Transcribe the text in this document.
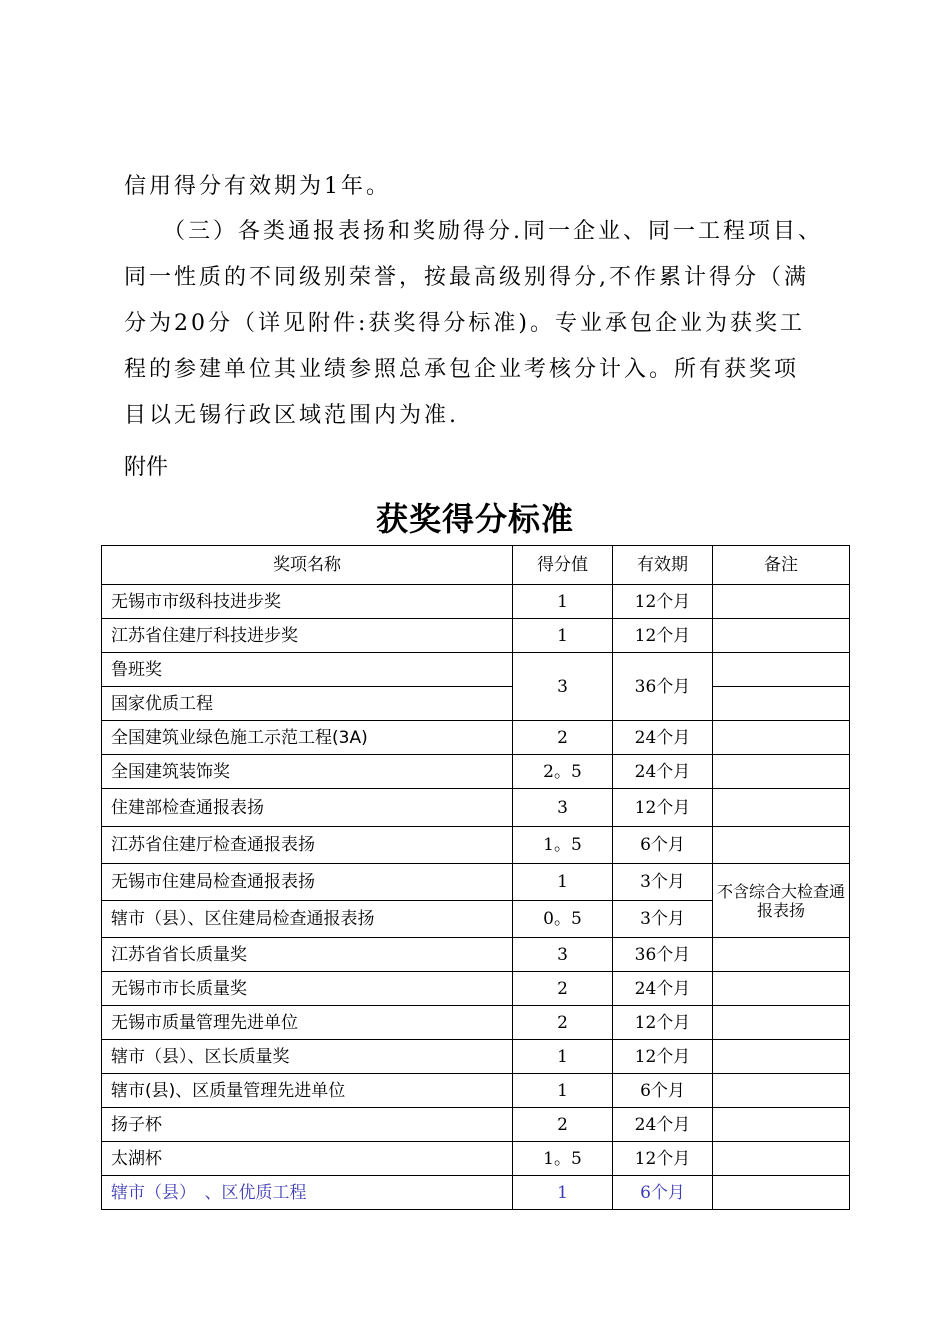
信用得分有效期为1年。
　　（三）各类通报表扬和奖励得分.同一企业、同一工程项目、
同一性质的不同级别荣誉，按最高级别得分,不作累计得分（满
分为20分（详见附件:获奖得分标准)。专业承包企业为获奖工
程的参建单位其业绩参照总承包企业考核分计入。所有获奖项
目以无锡行政区域范围内为准.
附件
获奖得分标准
奖项名称	得分值	有效期	备注
无锡市市级科技进步奖	1	12个月	
江苏省住建厅科技进步奖	1	12个月	
鲁班奖	3	36个月	
国家优质工程			
全国建筑业绿色施工示范工程(3A)	2	24个月	
全国建筑装饰奖	2。5	24个月	
住建部检查通报表扬	3	12个月	
江苏省住建厅检查通报表扬	1。5	6个月	
无锡市住建局检查通报表扬	1	3个月	不含综合大检查通报表扬
辖市（县）、区住建局检查通报表扬	0。5	3个月	
江苏省省长质量奖	3	36个月	
无锡市市长质量奖	2	24个月	
无锡市质量管理先进单位	2	12个月	
辖市（县）、区长质量奖	1	12个月	
辖市(县)、区质量管理先进单位	1	6个月	
扬子杯	2	24个月	
太湖杯	1。5	12个月	
辖市（县）　、区优质工程	1	6个月	
